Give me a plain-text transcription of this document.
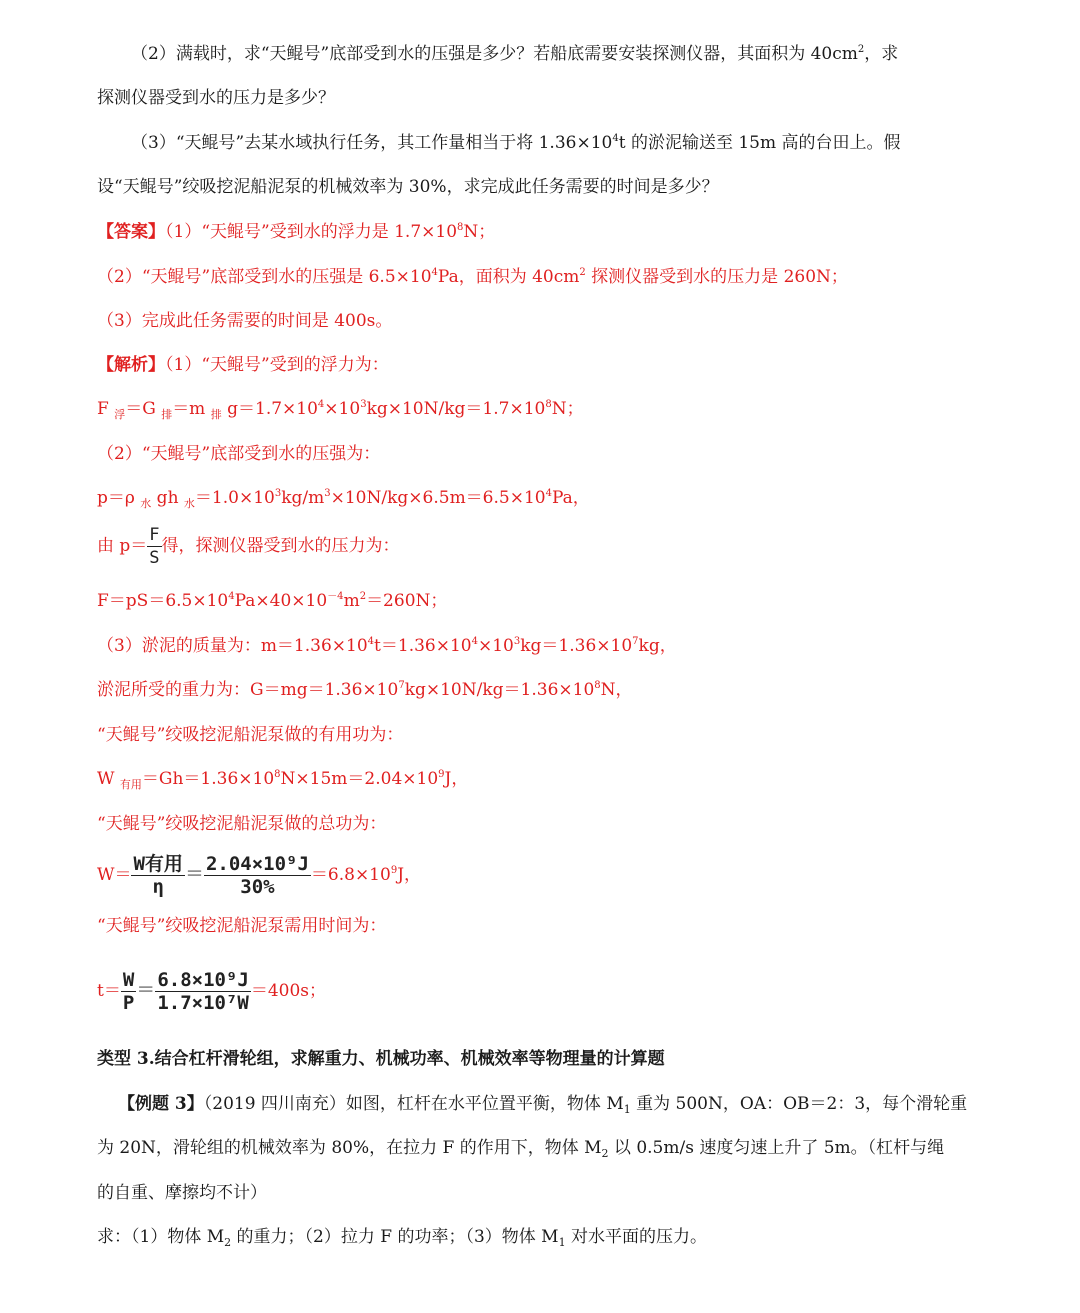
（2）满载时，求“天鲲号”底部受到水的压强是多少？若船底需要安装探测仪器，其面积为 $40cm^2$，求
探测仪器受到水的压力是多少？
（3）“天鲲号”去某水域执行任务，其工作量相当于将 $1.36\times 10^4t$ 的淤泥输送至 15m 高的台田上。假
设“天鲲号”绞吸挖泥船泥泵的机械效率为 30%，求完成此任务需要的时间是多少？
【答案】（1）“天鲲号”受到水的浮力是 $1.7\times 10^8N$；
（2）“天鲲号”底部受到水的压强是 $6.5\times 10^4Pa$，面积为 $40cm^2$ 探测仪器受到水的压力是 260N；
（3）完成此任务需要的时间是 400s。
【解析】（1）“天鲲号”受到的浮力为：
F $_浮$＝G $_排$＝m $_排$ $g=1.7\times 10^4\times 10^3kg\times 10N/kg=1.7\times 10^8N$；
（2）“天鲲号”底部受到水的压强为：
p＝ρ $_水$ gh $_水=1.0\times 10^3kg/m^3\times 10N/kg\times 6.5m=6.5\times 10^4Pa$，
由 $p= \frac{F}{S}$ 得，探测仪器受到水的压力为：
$F=pS=6.5\times 10^4Pa\times 40\times 10^{-4}m^2=260N$；
（3）淤泥的质量为：$m=1.36\times 10^4t=1.36\times 10^4\times 10^3kg=1.36\times 10^7kg$，
淤泥所受的重力为：$G=mg=1.36\times 10^7kg\times 10N/kg=1.36\times 10^8N$，
“天鲲号”绞吸挖泥船泥泵做的有用功为：
W $_{有用}=Gh=1.36\times 10^8N\times 15m=2.04\times 10^9J$，
“天鲲号”绞吸挖泥船泥泵做的总功为：
$W= \frac{\text{W有用}}{\eta} = \frac{\text{2.04×10⁹J}}{30\%} =6.8\times 10^9J$，
“天鲲号”绞吸挖泥船泥泵需用时间为：
$t= \frac{W}{P} = \frac{\text{6.8×10⁹J}}{\text{1.7×10⁷W}} =400s$；
类型 3.结合杠杆滑轮组，求解重力、机械功率、机械效率等物理量的计算题
【例题 3】（2019 四川南充）如图，杠杆在水平位置平衡，物体 $M_1$ 重为 500N，OA：OB＝2：3，每个滑轮重
为 20N，滑轮组的机械效率为 80%，在拉力 F 的作用下，物体 $M_2$ 以 0.5m/s 速度匀速上升了 5m。（杠杆与绳
的自重、摩擦均不计）
求：（1）物体 $M_2$ 的重力；（2）拉力 F 的功率；（3）物体 $M_1$ 对水平面的压力。
